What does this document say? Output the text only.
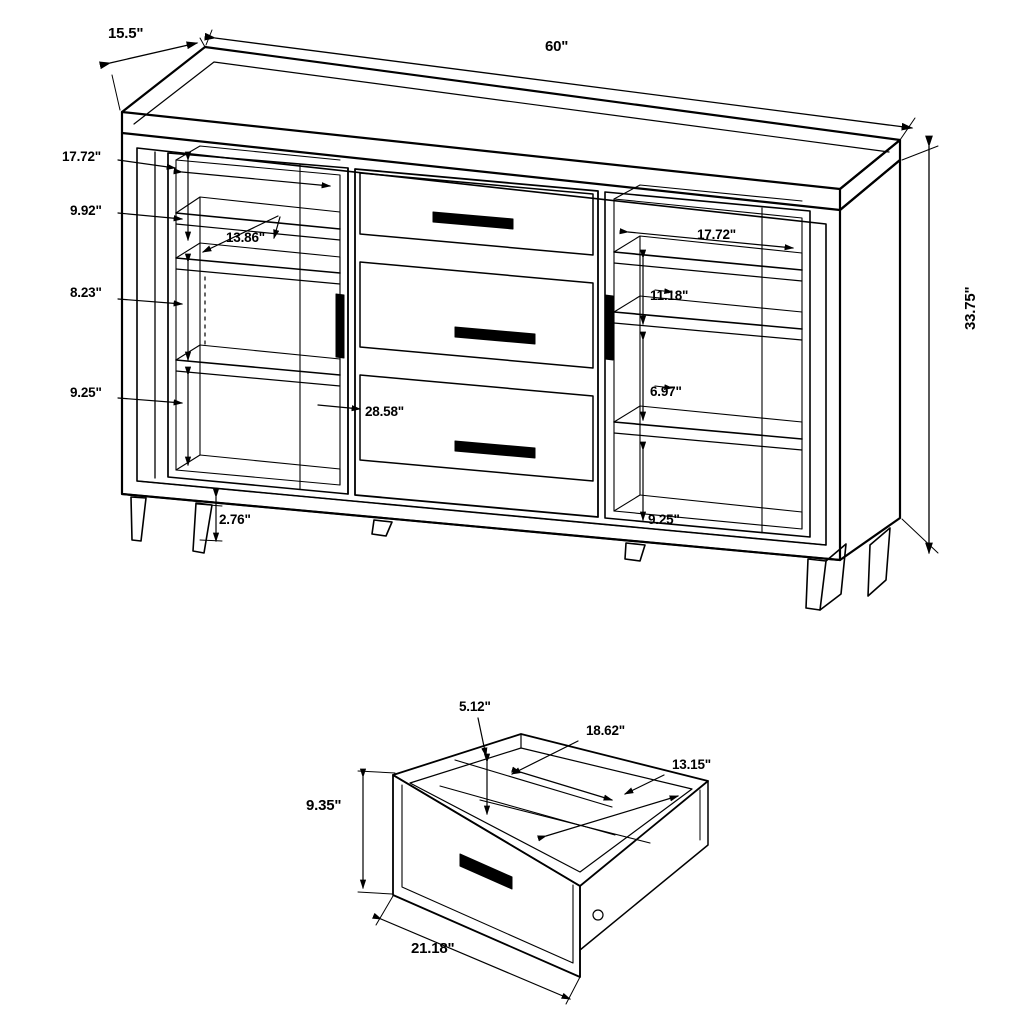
15.5"
60"
33.75"
17.72"
9.92"
13.86"
8.23"
9.25"
28.58"
2.76"
17.72"
11.18"
6.97"
9.25"
5.12"
18.62"
13.15"
9.35"
21.18"
